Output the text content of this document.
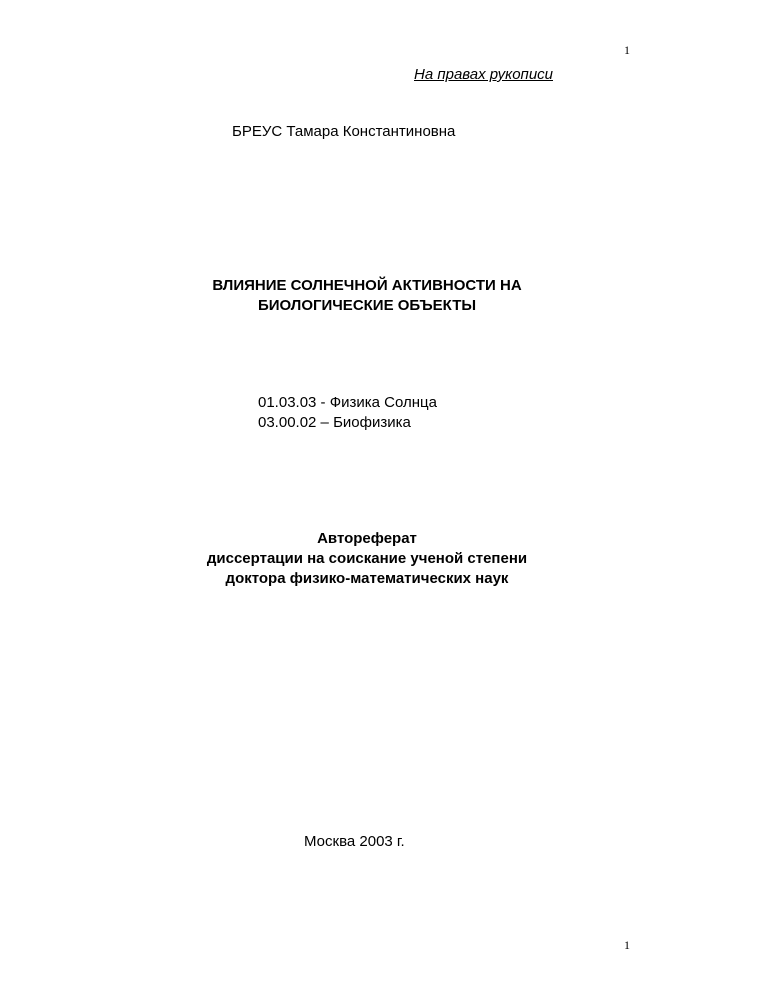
1
На правах рукописи
БРЕУС Тамара Константиновна
ВЛИЯНИЕ СОЛНЕЧНОЙ АКТИВНОСТИ НА
БИОЛОГИЧЕСКИЕ ОБЪЕКТЫ
01.03.03 - Физика Солнца
03.00.02 – Биофизика
Автореферат
диссертации на соискание ученой степени
доктора физико-математических наук
Москва 2003 г.
1
